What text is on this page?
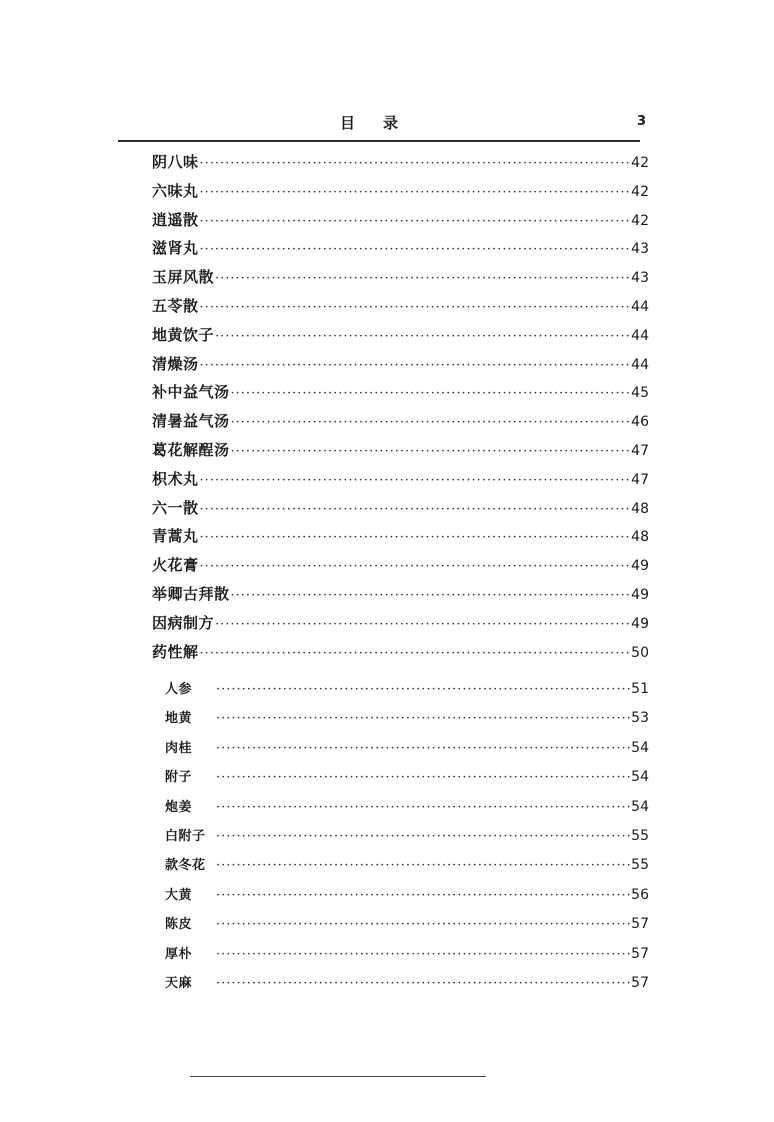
目录	3
阴八味 ·····	42
六味丸 ·····	42
逍遥散 ·····	42
滋肾丸 ·····	43
玉屏风散 ·····	43
五苓散 ·····	44
地黄饮子 ·····	44
清燥汤 ·····	44
补中益气汤 ·····	45
清暑益气汤 ·····	46
葛花解酲汤 ·····	47
枳术丸 ·····	47
六一散 ·····	48
青蒿丸 ·····	48
火花膏 ·····	49
举卿古拜散 ·····	49
因病制方 ·····	49
药性解 ·····	50
人参 ·····	51
地黄 ·····	53
肉桂 ·····	54
附子 ·····	54
炮姜 ·····	54
白附子 ·····	55
款冬花 ·····	55
大黄 ·····	56
陈皮 ·····	57
厚朴 ·····	57
天麻 ·····	57
